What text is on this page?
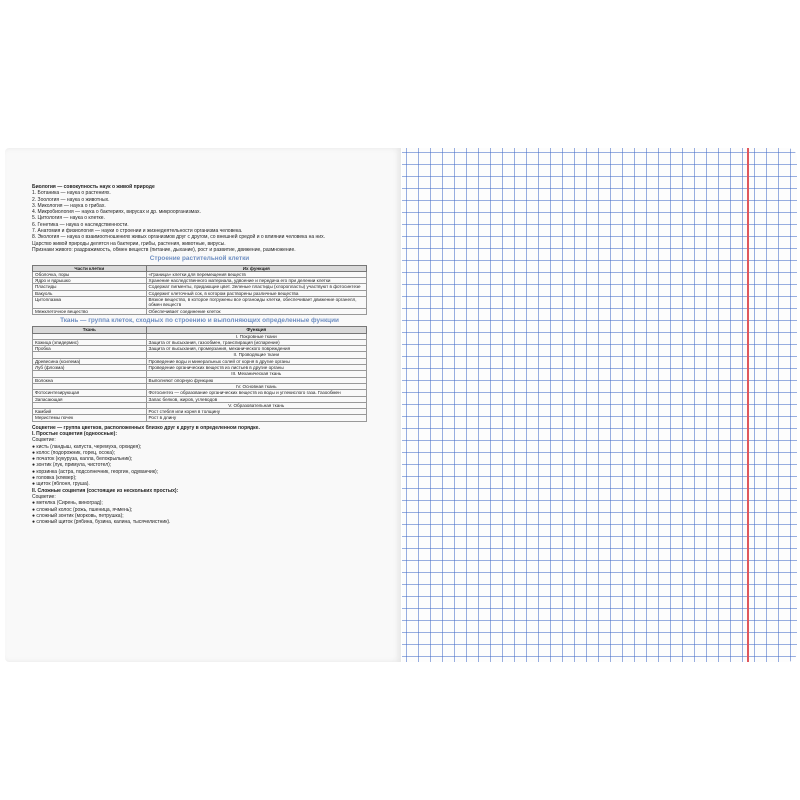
Биология — совокупность наук о живой природе
1. Ботаника — наука о растениях.
2. Зоология — наука о животных.
3. Микология — наука о грибах.
4. Микробиология — наука о бактериях, вирусах и др. микроорганизмах.
5. Цитология — наука о клетке.
6. Генетика — наука о наследственности.
7. Анатомия и физиология — науки о строении и жизнедеятельности организма человека.
8. Экология — наука о взаимоотношениях живых организмов друг с другом, со внешней средой и о влиянии человека на них.
Царство живой природы делятся на бактерии, грибы, растения, животные, вирусы.
Признаки живого: раздражимость, обмен веществ (питание, дыхание), рост и развитие, движение, размножение.
Строение растительной клетки
Части клетки	Их функция
Оболочка, поры	«Граница» клетки для перемещения веществ
Ядро и ядрышко	Хранение наследственного материала, удвоение и передача его при делении клетки
Пластиды	Содержат пигменты, придающие цвет. Зеленые пластиды (хлоропласты) участвуют в фотосинтезе
Вакуоль	Содержит клеточный сок, в котором растворены различные вещества
Цитоплазма	Вязкое вещество, в которое погружены все органоиды клетки, обеспечивает движение органелл, обмен веществ
Межклеточное вещество	Обеспечивает соединение клеток
Ткань — группа клеток, сходных по строению и выполняющих определенные функции
Ткань	Функция
	I. Покровные ткани
Кожица (эпидермис)	Защита от высыхания, газообмен, транспирация (испарение)
Пробка	Защита от высыхания, промерзания, механического повреждения
	II. Проводящие ткани
Древесина (ксилема)	Проведение воды и минеральных солей от корня в другие органы
Луб (флоэма)	Проведение органических веществ из листьев в другие органы
	III. Механическая ткань
Волокна	Выполняют опорную функцию
	IV. Основная ткань
Фотосинтезирующая	Фотосинтез — образование органических веществ из воды и углекислого газа. Газообмен
Запасающая	Запас белков, жиров, углеводов
	V. Образовательная ткань
Камбий	Рост стебля или корня в толщину
Меристемы почек	Рост в длину
Соцветие — группа цветков, расположенных близко друг к другу в определенном порядке.
I. Простые соцветия (одноосные):
Соцветие:
● кисть (ландыш, капуста, черемуха, орхидея);
● колос (подорожник, горец, осока);
● початок (кукуруза, калла, белокрыльник);
● зонтик (лук, примула, чистотел);
● корзинка (астра, подсолнечник, георгин, одуванчик);
● головка (клевер);
● щиток (яблоня, груша).
II. Сложные соцветия (состоящие из нескольких простых):
Соцветие:
● метелка (Сирень, виноград);
● сложный колос (рожь, пшеница, ячмень);
● сложный зонтик (морковь, петрушка);
● сложный щиток (рябина, бузина, калина, тысячелистник).
